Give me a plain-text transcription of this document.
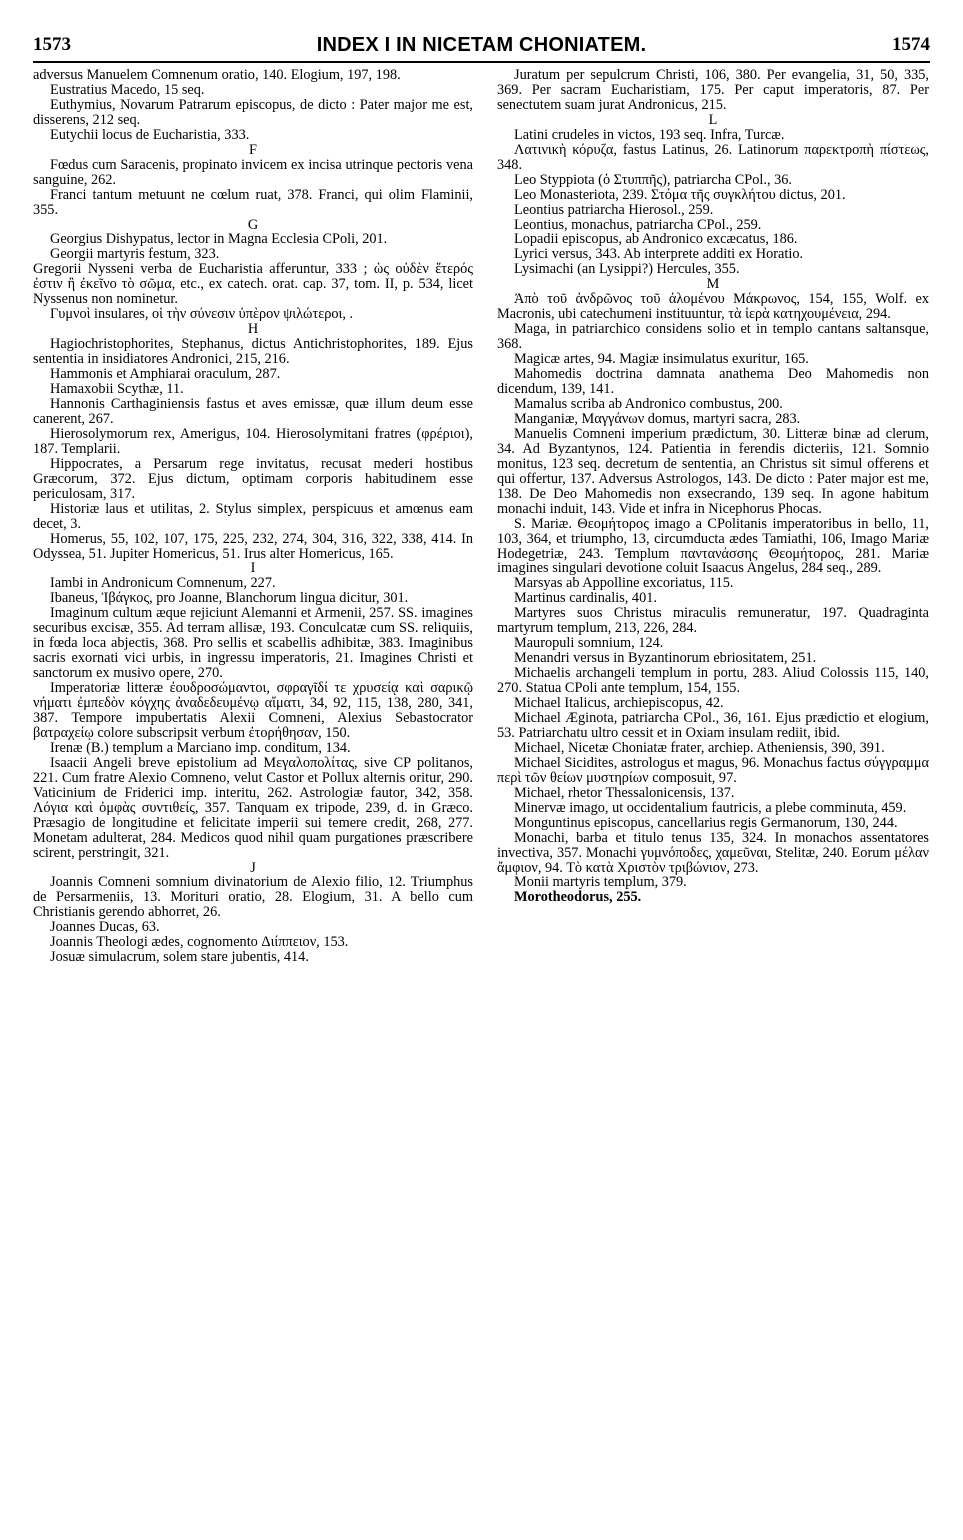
1573	INDEX I IN NICETAM CHONIATEM.	1574

adversus Manuelem Comnenum oratio, 140. Elogium, 197, 198.

Eustratius Macedo, 15 seq.

Euthymius, Novarum Patrarum episcopus, de dicto : Pater major me est, disserens, 212 seq.

Eutychii locus de Eucharistia, 333.

F

Fœdus cum Saracenis, propinato invicem ex incisa utrinque pectoris vena sanguine, 262.

Franci tantum metuunt ne cœlum ruat, 378. Franci, qui olim Flaminii, 355.

G

Georgius Dishypatus, lector in Magna Ecclesia CPoli, 201.

Georgii martyris festum, 323.

Gregorii Nysseni verba de Eucharistia afferuntur, 333 ; ὡς οὐδὲν ἕτερός ἐστιν ἢ ἐκεῖνο τὸ σῶμα, etc., ex catech. orat. cap. 37, tom. II, p. 534, licet Nyssenus non nominetur.

Γυμνοὶ insulares, οἱ τὴν σύνεσιν ὑπὲρον ψιλώτεροι, .

H

Hagiochristophorites, Stephanus, dictus Antichristophorites, 189. Ejus sententia in insidiatores Andronici, 215, 216.

Hammonis et Amphiarai oraculum, 287.

Hamaxobii Scythæ, 11.

Hannonis Carthaginiensis fastus et aves emissæ, quæ illum deum esse canerent, 267.

Hierosolymorum rex, Amerigus, 104. Hierosolymitani fratres (φρέριοι), 187. Templarii.

Hippocrates, a Persarum rege invitatus, recusat mederi hostibus Græcorum, 372. Ejus dictum, optimam corporis habitudinem esse periculosam, 317.

Historiæ laus et utilitas, 2. Stylus simplex, perspicuus et amœnus eam decet, 3.

Homerus, 55, 102, 107, 175, 225, 232, 274, 304, 316, 322, 338, 414. In Odyssea, 51. Jupiter Homericus, 51. Irus alter Homericus, 165.

I

Iambi in Andronicum Comnenum, 227.

Ibaneus, Ἰβάγκος, pro Joanne, Blanchorum lingua dicitur, 301.

Imaginum cultum æque rejiciunt Alemanni et Armenii, 257. SS. imagines securibus excisæ, 355. Ad terram allisæ, 193. Conculcatæ cum SS. reliquiis, in fœda loca abjectis, 368. Pro sellis et scabellis adhibitæ, 383. Imaginibus sacris exornati vici urbis, in ingressu imperatoris, 21. Imagines Christi et sanctorum ex musivo opere, 270.

Imperatoriæ litteræ ἐουδροσώμαντοι, σφραγῖδί τε χρυσείᾳ καὶ σαρικῷ νήματι ἐμπεδὸν κόγχης ἀναδεδευμένῳ αἵματι, 34, 92, 115, 138, 280, 341, 387. Tempore impubertatis Alexii Comneni, Alexius Sebastocrator βατραχείῳ colore subscripsit verbum ἐτορήθησαν, 150.

Irenæ (B.) templum a Marciano imp. conditum, 134.

Isaacii Angeli breve epistolium ad Μεγαλοπολίτας, sive CP politanos, 221. Cum fratre Alexio Comneno, velut Castor et Pollux alternis oritur, 290. Vaticinium de Friderici imp. interitu, 262. Astrologiæ fautor, 342, 358. Λόγια καὶ ὀμφὰς συντιθείς, 357. Tanquam ex tripode, 239, d. in Græco. Præsagio de longitudine et felicitate imperii sui temere credit, 268, 277. Monetam adulterat, 284. Medicos quod nihil quam purgationes præscribere scirent, perstringit, 321.

J

Joannis Comneni somnium divinatorium de Alexio filio, 12. Triumphus de Persarmeniis, 13. Morituri oratio, 28. Elogium, 31. A bello cum Christianis gerendo abhorret, 26.

Joannes Ducas, 63.

Joannis Theologi ædes, cognomento Διίππειον, 153.

Josuæ simulacrum, solem stare jubentis, 414.

Juratum per sepulcrum Christi, 106, 380. Per evangelia, 31, 50, 335, 369. Per sacram Eucharistiam, 175. Per caput imperatoris, 87. Per senectutem suam jurat Andronicus, 215.

L

Latini crudeles in victos, 193 seq. Infra, Turcæ.

Λατινικὴ κόρυζα, fastus Latinus, 26. Latinorum παρεκτροπὴ πίστεως, 348.

Leo Styppiota (ὁ Στυππῆς), patriarcha CPol., 36.

Leo Monasteriota, 239. Στόμα τῆς συγκλήτου dictus, 201.

Leontius patriarcha Hierosol., 259.

Leontius, monachus, patriarcha CPol., 259.

Lopadii episcopus, ab Andronico excæcatus, 186.

Lyrici versus, 343. Ab interprete additi ex Horatio.

Lysimachi (an Lysippi?) Hercules, 355.

M

Ἀπὸ τοῦ ἀνδρῶνος τοῦ ἀλομένου Μάκρωνος, 154, 155, Wolf. ex Macronis, ubi catechumeni instituuntur, τὰ ἱερὰ κατηχουμένεια, 294.

Maga, in patriarchico considens solio et in templo cantans saltansque, 368.

Magicæ artes, 94. Magiæ insimulatus exuritur, 165.

Mahomedis doctrina damnata anathema Deo Mahomedis non dicendum, 139, 141.

Mamalus scriba ab Andronico combustus, 200.

Manganiæ, Μαγγάνων domus, martyri sacra, 283.

Manuelis Comneni imperium prædictum, 30. Litteræ binæ ad clerum, 34. Ad Byzantynos, 124. Patientia in ferendis dicteriis, 121. Somnio monitus, 123 seq. decretum de sententia, an Christus sit simul offerens et qui offertur, 137. Adversus Astrologos, 143. De dicto : Pater major est me, 138. De Deo Mahomedis non exsecrando, 139 seq. In agone habitum monachi induit, 143. Vide et infra in Nicephorus Phocas.

S. Mariæ. Θεομήτορος imago a CPolitanis imperatoribus in bello, 11, 103, 364, et triumpho, 13, circumducta ædes Tamiathi, 106, Imago Mariæ Hodegetriæ, 243. Templum παντανάσσης Θεομήτορος, 281. Mariæ imagines singulari devotione coluit Isaacus Angelus, 284 seq., 289.

Marsyas ab Appolline excoriatus, 115.

Martinus cardinalis, 401.

Martyres suos Christus miraculis remuneratur, 197. Quadraginta martyrum templum, 213, 226, 284.

Mauropuli somnium, 124.

Menandri versus in Byzantinorum ebriositatem, 251.

Michaelis archangeli templum in portu, 283. Aliud Colossis 115, 140, 270. Statua CPoli ante templum, 154, 155.

Michael Italicus, archiepiscopus, 42.

Michael Æginota, patriarcha CPol., 36, 161. Ejus prædictio et elogium, 53. Patriarchatu ultro cessit et in Oxiam insulam rediit, ibid.

Michael, Nicetæ Choniatæ frater, archiep. Atheniensis, 390, 391.

Michael Sicidites, astrologus et magus, 96. Monachus factus σύγγραμμα περὶ τῶν θείων μυστηρίων composuit, 97.

Michael, rhetor Thessalonicensis, 137.

Minervæ imago, ut occidentalium fautricis, a plebe comminuta, 459.

Monguntinus episcopus, cancellarius regis Germanorum, 130, 244.

Monachi, barba et titulo tenus 135, 324. In monachos assentatores invectiva, 357. Monachi γυμνόποδες, χαμεῦναι, Stelitæ, 240. Eorum μέλαν ἄμφιον, 94. Τὸ κατὰ Χριστὸν τριβώνιον, 273.

Monii martyris templum, 379.

Morotheodorus, 255.
